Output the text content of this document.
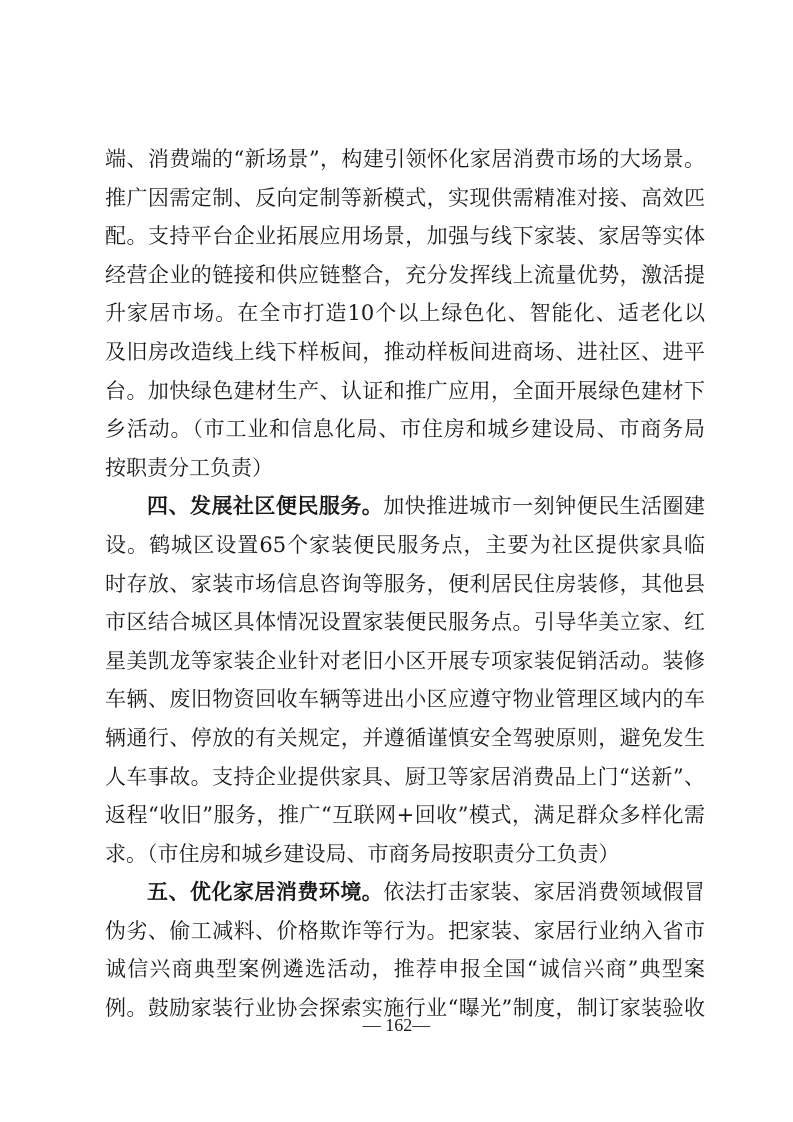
端、消费端的“新场景”，构建引领怀化家居消费市场的大场景。
推广因需定制、反向定制等新模式，实现供需精准对接、高效匹
配。支持平台企业拓展应用场景，加强与线下家装、家居等实体
经营企业的链接和供应链整合，充分发挥线上流量优势，激活提
升家居市场。在全市打造10个以上绿色化、智能化、适老化以
及旧房改造线上线下样板间，推动样板间进商场、进社区、进平
台。加快绿色建材生产、认证和推广应用，全面开展绿色建材下
乡活动。（市工业和信息化局、市住房和城乡建设局、市商务局
按职责分工负责）
四、发展社区便民服务。加快推进城市一刻钟便民生活圈建
设。鹤城区设置65个家装便民服务点，主要为社区提供家具临
时存放、家装市场信息咨询等服务，便利居民住房装修，其他县
市区结合城区具体情况设置家装便民服务点。引导华美立家、红
星美凯龙等家装企业针对老旧小区开展专项家装促销活动。装修
车辆、废旧物资回收车辆等进出小区应遵守物业管理区域内的车
辆通行、停放的有关规定，并遵循谨慎安全驾驶原则，避免发生
人车事故。支持企业提供家具、厨卫等家居消费品上门“送新”、
返程“收旧”服务，推广“互联网+回收”模式，满足群众多样化需
求。（市住房和城乡建设局、市商务局按职责分工负责）
五、优化家居消费环境。依法打击家装、家居消费领域假冒
伪劣、偷工减料、价格欺诈等行为。把家装、家居行业纳入省市
诚信兴商典型案例遴选活动，推荐申报全国“诚信兴商”典型案
例。鼓励家装行业协会探索实施行业“曝光”制度，制订家装验收
— 162—
